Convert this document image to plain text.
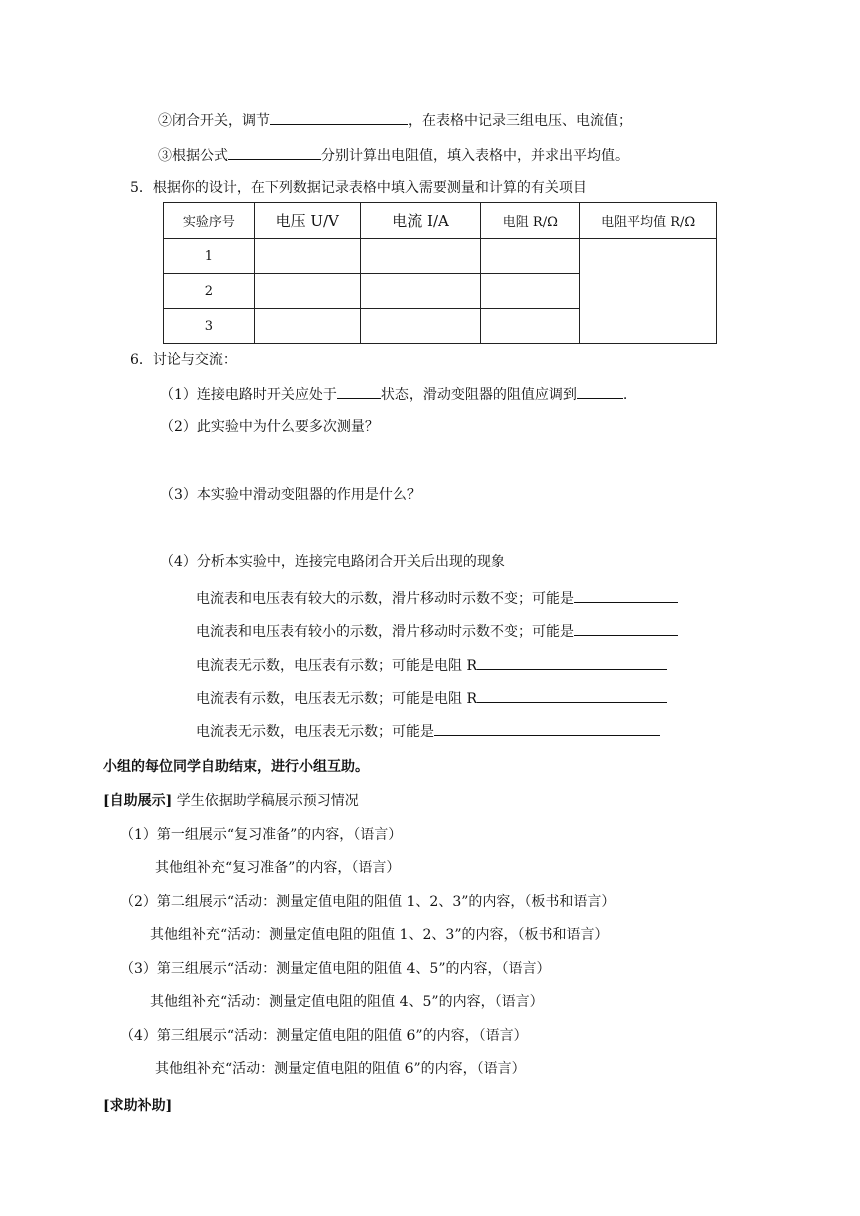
②闭合开关，调节	，在表格中记录三组电压、电流值；
③根据公式	分别计算出电阻值，填入表格中，并求出平均值。
5．根据你的设计，在下列数据记录表格中填入需要测量和计算的有关项目
实验序号	电压 U/V	电流 I/A	电阻 R/Ω	电阻平均值 R/Ω
1				
2				
3				
6．讨论与交流：
（1）连接电路时开关应处于	状态，滑动变阻器的阻值应调到	.
（2）此实验中为什么要多次测量？
（3）本实验中滑动变阻器的作用是什么？
（4）分析本实验中，连接完电路闭合开关后出现的现象
电流表和电压表有较大的示数，滑片移动时示数不变；可能是
电流表和电压表有较小的示数，滑片移动时示数不变；可能是
电流表无示数，电压表有示数；可能是电阻 R
电流表有示数，电压表无示数；可能是电阻 R
电流表无示数，电压表无示数；可能是
小组的每位同学自助结束，进行小组互助。
[自助展示] 学生依据助学稿展示预习情况
（1）第一组展示“复习准备”的内容，（语言）
其他组补充“复习准备”的内容，（语言）
（2）第二组展示“活动：测量定值电阻的阻值 1、2、3”的内容，（板书和语言）
其他组补充“活动：测量定值电阻的阻值 1、2、3”的内容，（板书和语言）
（3）第三组展示“活动：测量定值电阻的阻值 4、5”的内容，（语言）
其他组补充“活动：测量定值电阻的阻值 4、5”的内容，（语言）
（4）第三组展示“活动：测量定值电阻的阻值 6”的内容，（语言）
其他组补充“活动：测量定值电阻的阻值 6”的内容，（语言）
[求助补助]
